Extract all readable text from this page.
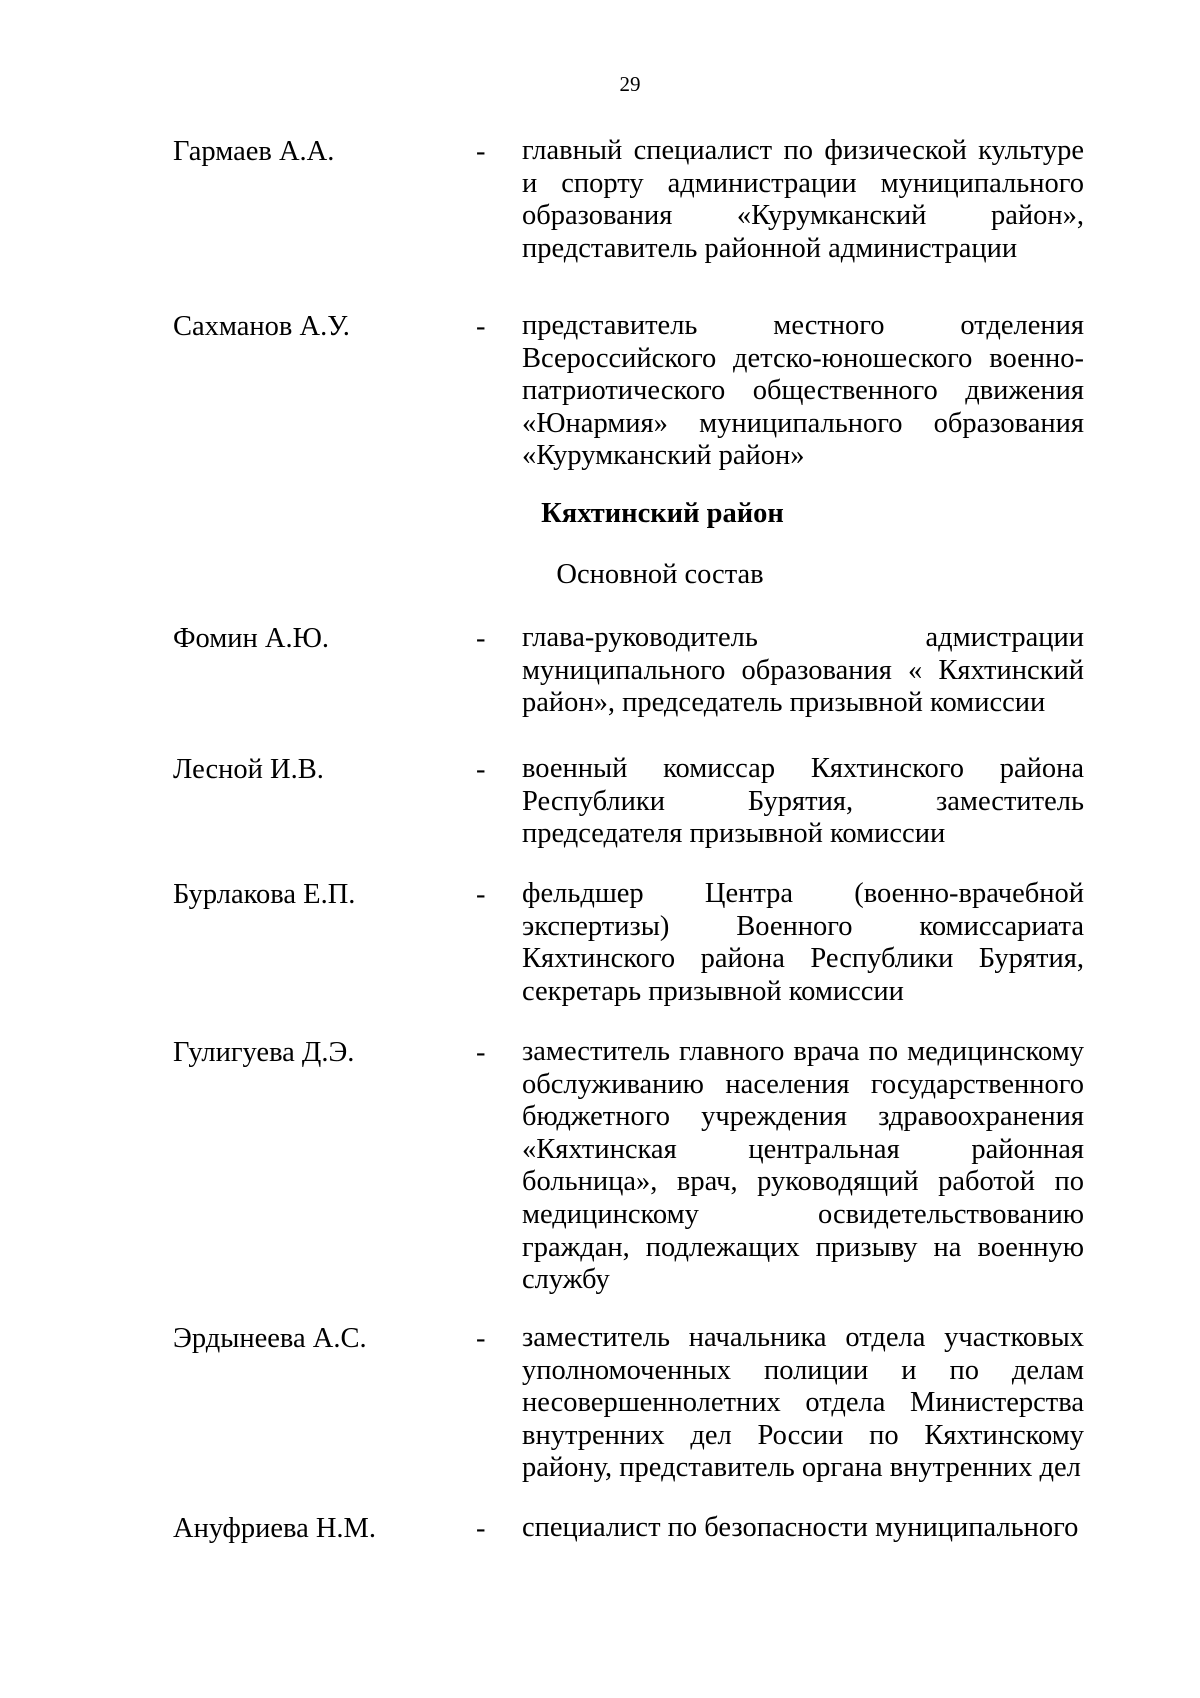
29
Гармаев А.А.	- главный специалист по физической культуре и спорту администрации муниципального образования «Курумканский район», представитель районной администрации
Сахманов А.У.	- представитель местного отделения Всероссийского детско-юношеского военно-патриотического общественного движения «Юнармия» муниципального образования «Курумканский район»
Кяхтинский район
Основной состав
Фомин А.Ю.	- глава-руководитель адмистрации муниципального образования « Кяхтинский район», председатель призывной комиссии
Лесной И.В.	- военный комиссар Кяхтинского района Республики Бурятия, заместитель председателя призывной комиссии
Бурлакова Е.П.	- фельдшер Центра (военно-врачебной экспертизы) Военного комиссариата Кяхтинского района Республики Бурятия, секретарь призывной комиссии
Гулигуева Д.Э.	- заместитель главного врача по медицинскому обслуживанию населения государственного бюджетного учреждения здравоохранения «Кяхтинская центральная районная больница», врач, руководящий работой по медицинскому освидетельствованию граждан, подлежащих призыву на военную службу
Эрдынеева А.С.	- заместитель начальника отдела участковых уполномоченных полиции и по делам несовершеннолетних отдела Министерства внутренних дел России по Кяхтинскому району, представитель органа внутренних дел
Ануфриева Н.М.	- специалист по безопасности муниципального
